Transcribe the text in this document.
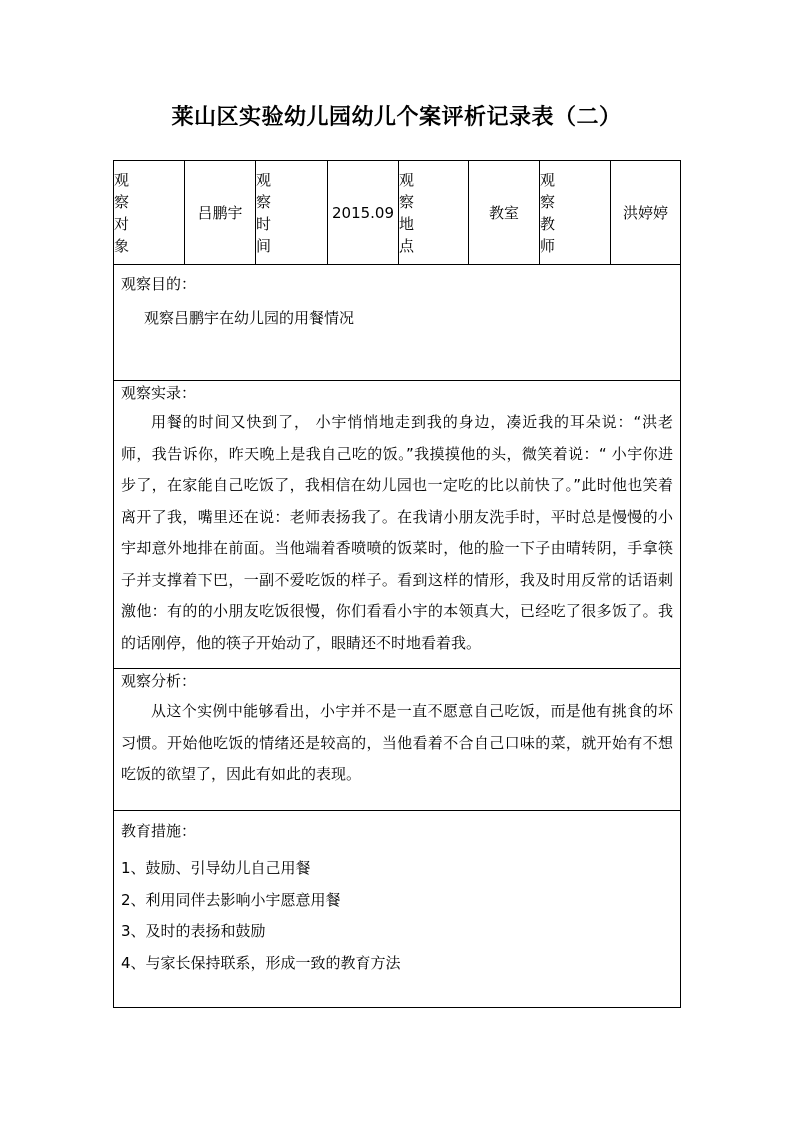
莱山区实验幼儿园幼儿个案评析记录表（二）
观 察
对 象
吕鹏宇
观 察
时 间
2015.09
观 察
地 点
教室
观 察
教 师
洪婷婷
观察目的：
观察吕鹏宇在幼儿园的用餐情况
观察实录：
用餐的时间又快到了， 小宇悄悄地走到我的身边，凑近我的耳朵说：“洪老师，我告诉你，昨天晚上是我自己吃的饭。”我摸摸他的头，微笑着说：“ 小宇你进步了，在家能自己吃饭了，我相信在幼儿园也一定吃的比以前快了。”此时他也笑着离开了我，嘴里还在说：老师表扬我了。在我请小朋友洗手时，平时总是慢慢的小宇却意外地排在前面。当他端着香喷喷的饭菜时，他的脸一下子由晴转阴，手拿筷子并支撑着下巴，一副不爱吃饭的样子。看到这样的情形，我及时用反常的话语刺激他：有的的小朋友吃饭很慢，你们看看小宇的本领真大，已经吃了很多饭了。我的话刚停，他的筷子开始动了，眼睛还不时地看着我。
观察分析：
从这个实例中能够看出，小宇并不是一直不愿意自己吃饭，而是他有挑食的坏习惯。开始他吃饭的情绪还是较高的，当他看着不合自己口味的菜，就开始有不想吃饭的欲望了，因此有如此的表现。
教育措施：
1、鼓励、引导幼儿自己用餐
2、利用同伴去影响小宇愿意用餐
3、及时的表扬和鼓励
4、与家长保持联系，形成一致的教育方法
